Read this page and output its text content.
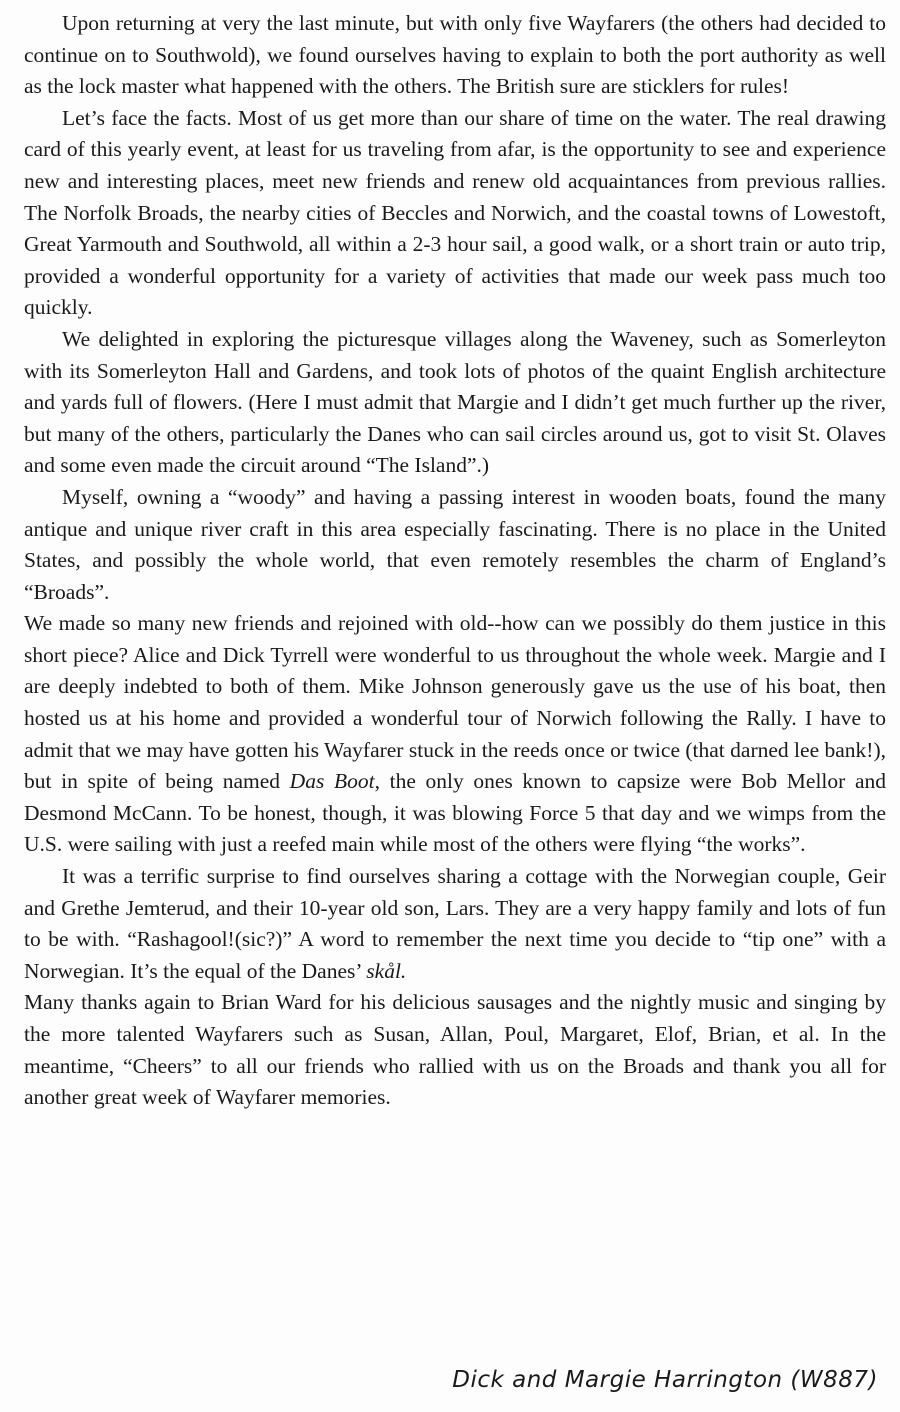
Upon returning at very the last minute, but with only five Wayfarers (the others had decided to continue on to Southwold), we found ourselves having to explain to both the port authority as well as the lock master what happened with the others. The British sure are sticklers for rules!

Let’s face the facts. Most of us get more than our share of time on the water. The real drawing card of this yearly event, at least for us traveling from afar, is the opportunity to see and experience new and interesting places, meet new friends and renew old acquaintances from previous rallies. The Norfolk Broads, the nearby cities of Beccles and Norwich, and the coastal towns of Lowestoft, Great Yarmouth and Southwold, all within a 2-3 hour sail, a good walk, or a short train or auto trip, provided a wonderful opportunity for a variety of activities that made our week pass much too quickly.

We delighted in exploring the picturesque villages along the Waveney, such as Somerleyton with its Somerleyton Hall and Gardens, and took lots of photos of the quaint English architecture and yards full of flowers. (Here I must admit that Margie and I didn’t get much further up the river, but many of the others, particularly the Danes who can sail circles around us, got to visit St. Olaves and some even made the circuit around “The Island”.)

Myself, owning a “woody” and having a passing interest in wooden boats, found the many antique and unique river craft in this area especially fascinating. There is no place in the United States, and possibly the whole world, that even remotely resembles the charm of England’s “Broads”.

We made so many new friends and rejoined with old--how can we possibly do them justice in this short piece? Alice and Dick Tyrrell were wonderful to us throughout the whole week. Margie and I are deeply indebted to both of them. Mike Johnson generously gave us the use of his boat, then hosted us at his home and provided a wonderful tour of Norwich following the Rally. I have to admit that we may have gotten his Wayfarer stuck in the reeds once or twice (that darned lee bank!), but in spite of being named Das Boot, the only ones known to capsize were Bob Mellor and Desmond McCann. To be honest, though, it was blowing Force 5 that day and we wimps from the U.S. were sailing with just a reefed main while most of the others were flying “the works”.

It was a terrific surprise to find ourselves sharing a cottage with the Norwegian couple, Geir and Grethe Jemterud, and their 10-year old son, Lars. They are a very happy family and lots of fun to be with. “Rashagool!(sic?)” A word to remember the next time you decide to “tip one” with a Norwegian. It’s the equal of the Danes’ skål.

Many thanks again to Brian Ward for his delicious sausages and the nightly music and singing by the more talented Wayfarers such as Susan, Allan, Poul, Margaret, Elof, Brian, et al. In the meantime, “Cheers” to all our friends who rallied with us on the Broads and thank you all for another great week of Wayfarer memories.

Dick and Margie Harrington (W887)
